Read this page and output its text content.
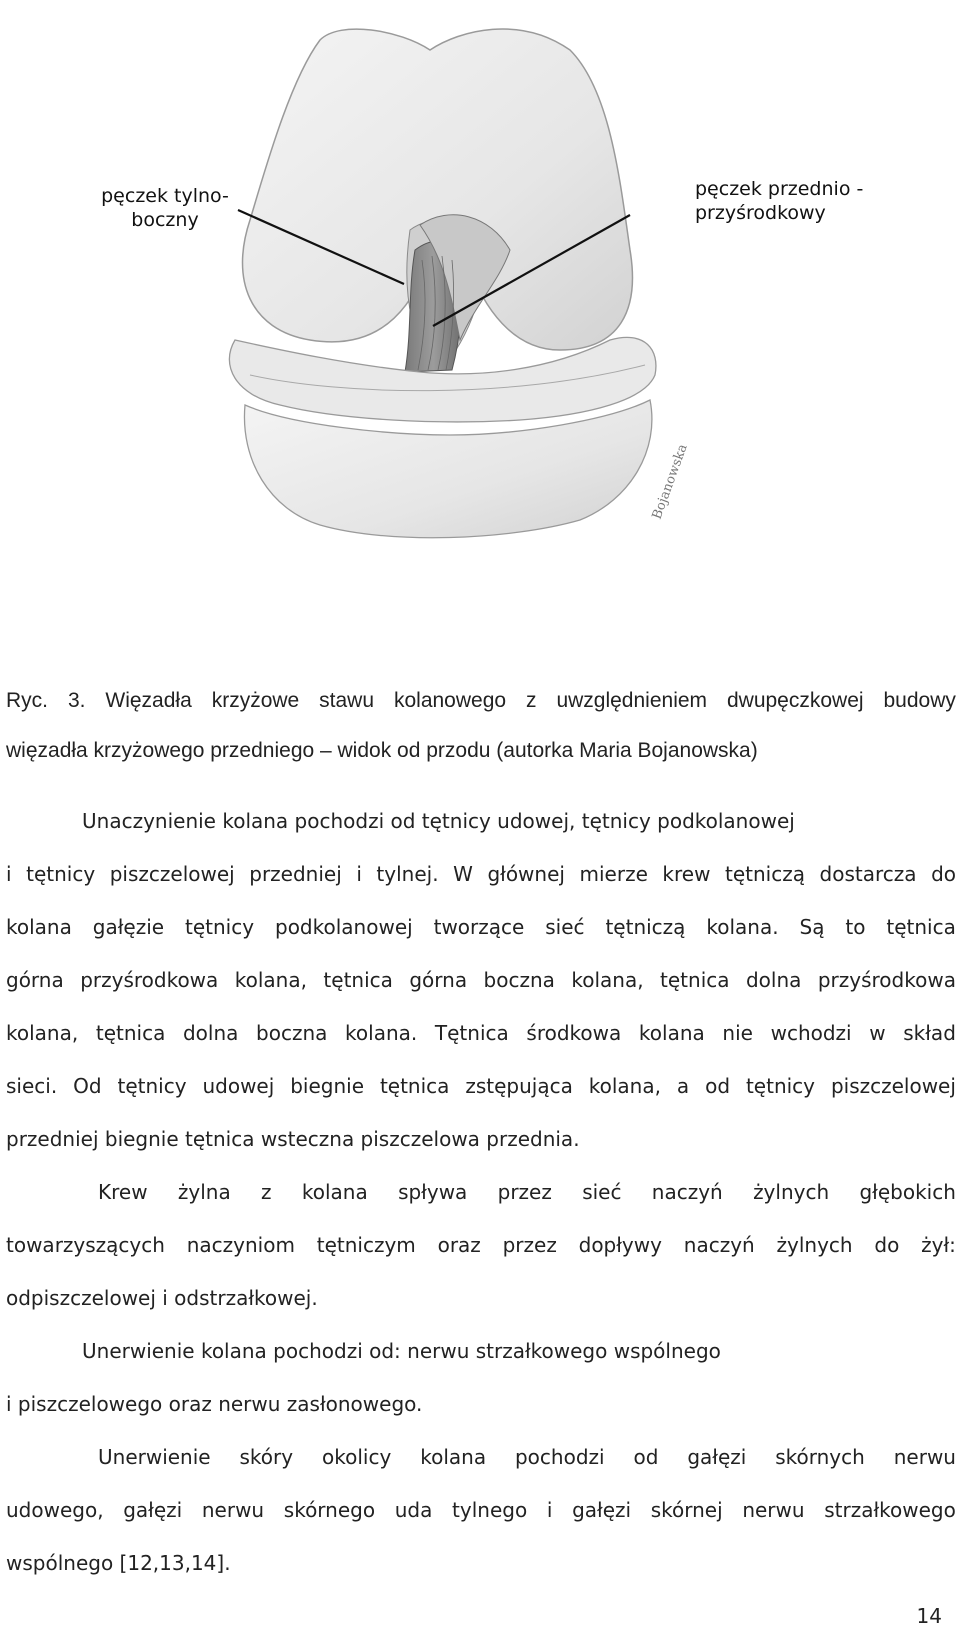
Bojanowska
pęczek tylno-
boczny
pęczek przednio -
przyśrodkowy
Ryc. 3. Więzadła krzyżowe stawu kolanowego z uwzględnieniem dwupęczkowej budowy
więzadła krzyżowego przedniego – widok od przodu (autorka Maria Bojanowska)
Unaczynienie kolana pochodzi od tętnicy udowej, tętnicy podkolanowej
i tętnicy piszczelowej przedniej i tylnej. W głównej mierze krew tętniczą dostarcza do
kolana gałęzie tętnicy podkolanowej tworzące sieć tętniczą kolana. Są to tętnica
górna przyśrodkowa kolana, tętnica górna boczna kolana, tętnica dolna przyśrodkowa
kolana, tętnica dolna boczna kolana. Tętnica środkowa kolana nie wchodzi w skład
sieci. Od tętnicy udowej biegnie tętnica zstępująca kolana, a od tętnicy piszczelowej
przedniej biegnie tętnica wsteczna piszczelowa przednia.
Krew żylna z kolana spływa przez sieć naczyń żylnych głębokich
towarzyszących naczyniom tętniczym oraz przez dopływy naczyń żylnych do żył:
odpiszczelowej i odstrzałkowej.
Unerwienie kolana pochodzi od: nerwu strzałkowego wspólnego
i piszczelowego oraz nerwu zasłonowego.
Unerwienie skóry okolicy kolana pochodzi od gałęzi skórnych nerwu
udowego, gałęzi nerwu skórnego uda tylnego i gałęzi skórnej nerwu strzałkowego
wspólnego [12,13,14].
14
